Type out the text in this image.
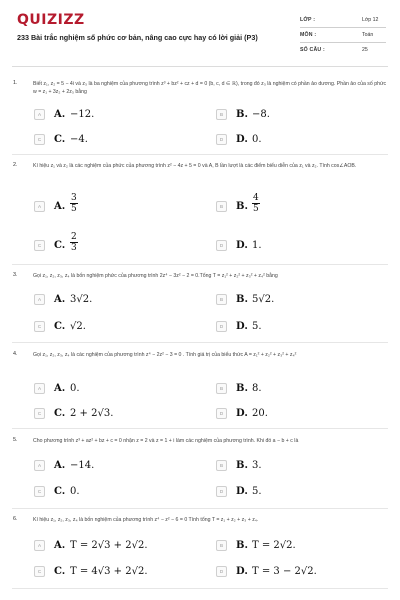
QUIZIZZ
233 Bài trắc nghiệm số phức cơ bản, nâng cao cực hay có lời giải (P3)
LỚP :	Lớp 12
MÔN :	Toán
SỐ CÂU :	25
1.	Biết z₁, z₂ = 5 − 4i và z₃ là ba nghiệm của phương trình z³ + bz² + cz + d = 0 (b, c, d ∈ ℝ), trong đó z₃ là nghiệm có phần ảo dương. Phần ảo của số phức w = z₁ + 3z₂ + 2z₃ bằng
A	A. −12.	B	B. −8.
C	C. −4.	D	D. 0.
2.	Kí hiệu z₁ và z₂ là các nghiệm của phức của phương trình z² − 4z + 5 = 0 và A, B lần lượt là các điểm biểu diễn của z₁ và z₂. Tính cos∠AOB.
A	A. $\frac{3}{5}$	B	B. $\frac{4}{5}$
C	C. $\frac{2}{3}$	D	D. 1.
3.	Gọi z₁, z₂, z₃, z₄ là bốn nghiệm phức của phương trình 2z⁴ − 3z² − 2 = 0.Tổng T = z₁² + z₂² + z₃² + z₄² bằng
A	A. 3√2.	B	B. 5√2.
C	C. √2.	D	D. 5.
4.	Gọi z₁, z₂, z₃, z₄ là các nghiệm của phương trình z⁴ − 2z² − 3 = 0 . Tính giá trị của biểu thức A = z₁² + z₂² + z₃² + z₄²
A	A. 0.	B	B. 8.
C	C. 2 + 2√3.	D	D. 20.
5.	Cho phương trình z³ + az² + bz + c = 0 nhận z = 2 và z = 1 + i làm các nghiệm của phương trình. Khi đó a − b + c là
A	A. −14.	B	B. 3.
C	C. 0.	D	D. 5.
6.	Kí hiệu z₁, z₂, z₃, z₄ là bốn nghiệm của phương trình z⁴ − z² − 6 = 0 Tính tổng T = z₁ + z₂ + z₃ + z₄.
A	A. T = 2√3 + 2√2.	B	B. T = 2√2.
C	C. T = 4√3 + 2√2.	D	D. T = 3 − 2√2.
